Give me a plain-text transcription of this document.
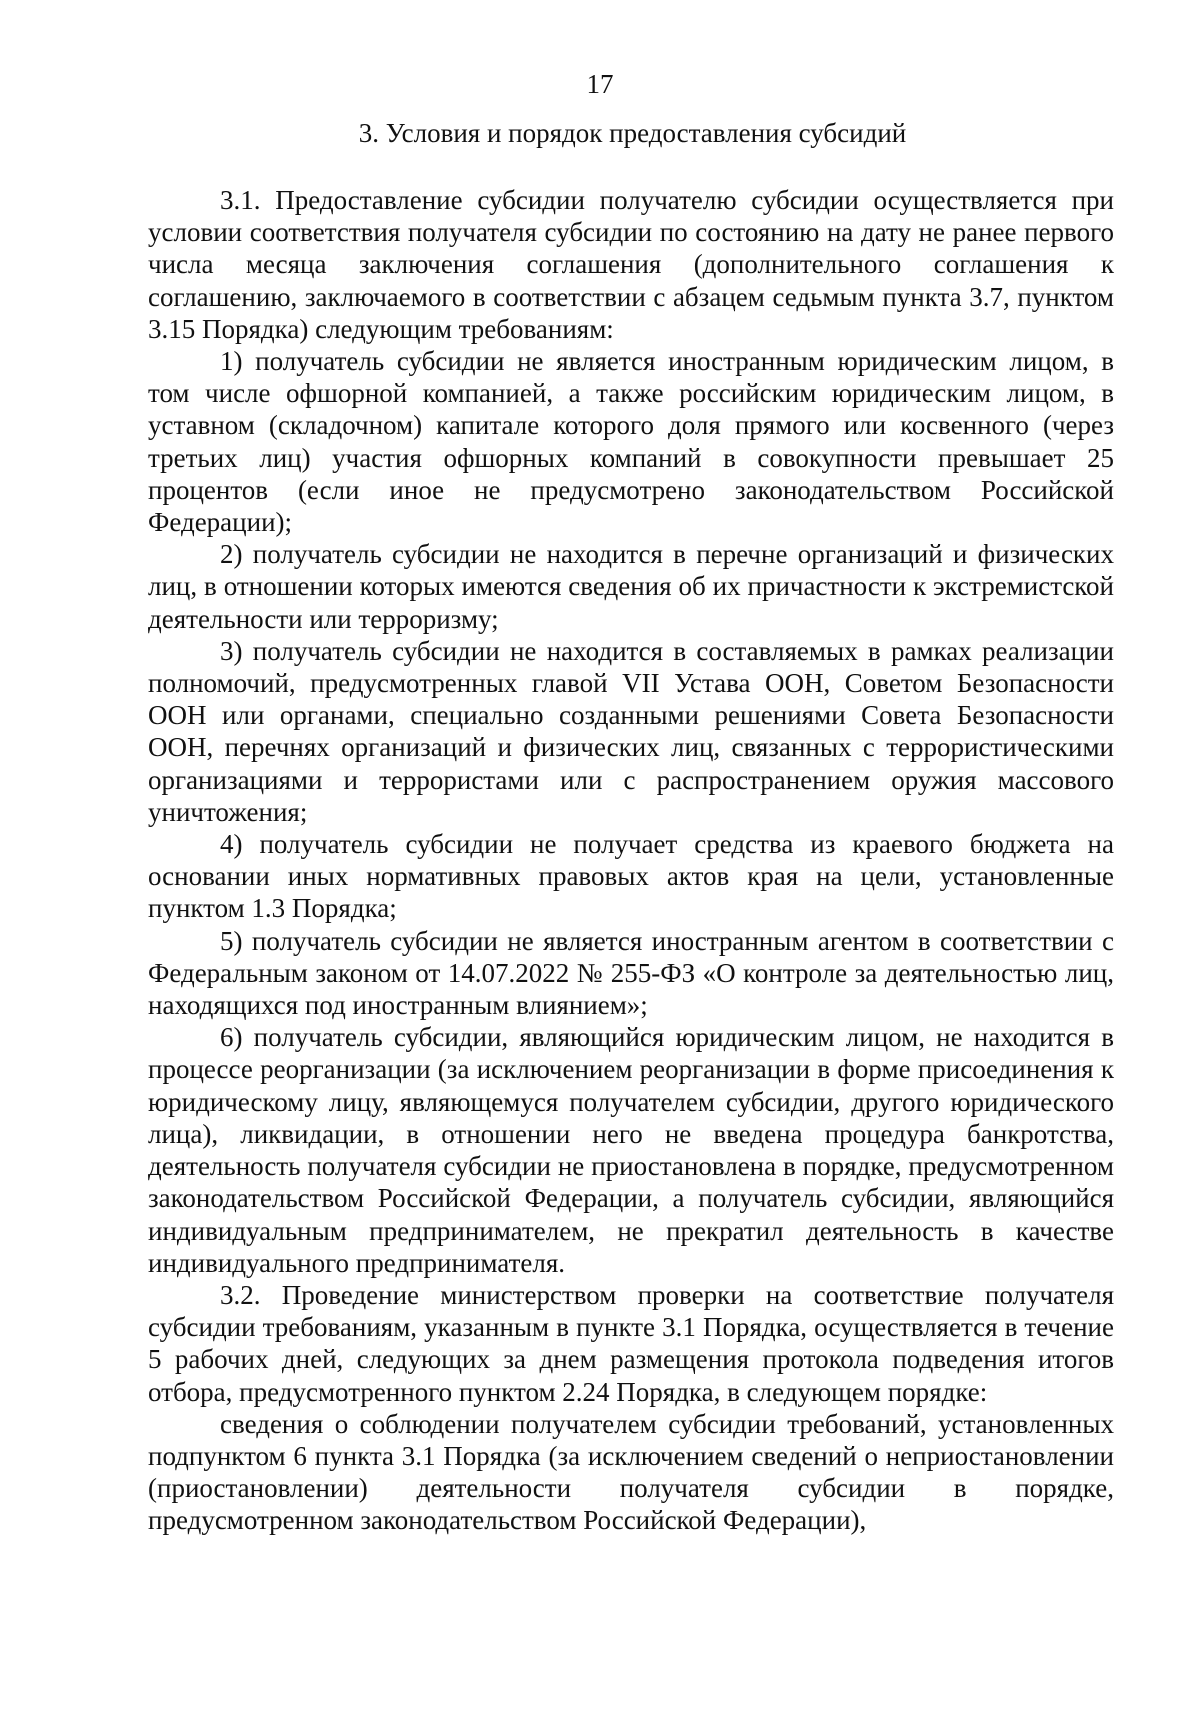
17
3. Условия и порядок предоставления субсидий

3.1. Предоставление субсидии получателю субсидии осуществляется при условии соответствия получателя субсидии по состоянию на дату не ранее первого числа месяца заключения соглашения (дополнительного соглашения к соглашению, заключаемого в соответствии с абзацем седьмым пункта 3.7, пунктом 3.15 Порядка) следующим требованиям:

1) получатель субсидии не является иностранным юридическим лицом, в том числе офшорной компанией, а также российским юридическим лицом, в уставном (складочном) капитале которого доля прямого или косвенного (через третьих лиц) участия офшорных компаний в совокупности превышает 25 процентов (если иное не предусмотрено законодательством Российской Федерации);

2) получатель субсидии не находится в перечне организаций и физических лиц, в отношении которых имеются сведения об их причастности к экстремистской деятельности или терроризму;

3) получатель субсидии не находится в составляемых в рамках реализации полномочий, предусмотренных главой VII Устава ООН, Советом Безопасности ООН или органами, специально созданными решениями Совета Безопасности ООН, перечнях организаций и физических лиц, связанных с террористическими организациями и террористами или с распространением оружия массового уничтожения;

4) получатель субсидии не получает средства из краевого бюджета на основании иных нормативных правовых актов края на цели, установленные пунктом 1.3 Порядка;

5) получатель субсидии не является иностранным агентом в соответствии с Федеральным законом от 14.07.2022 № 255-ФЗ «О контроле за деятельностью лиц, находящихся под иностранным влиянием»;

6) получатель субсидии, являющийся юридическим лицом, не находится в процессе реорганизации (за исключением реорганизации в форме присоединения к юридическому лицу, являющемуся получателем субсидии, другого юридического лица), ликвидации, в отношении него не введена процедура банкротства, деятельность получателя субсидии не приостановлена в порядке, предусмотренном законодательством Российской Федерации, а получатель субсидии, являющийся индивидуальным предпринимателем, не прекратил деятельность в качестве индивидуального предпринимателя.

3.2. Проведение министерством проверки на соответствие получателя субсидии требованиям, указанным в пункте 3.1 Порядка, осуществляется в течение 5 рабочих дней, следующих за днем размещения протокола подведения итогов отбора, предусмотренного пунктом 2.24 Порядка, в следующем порядке:

сведения о соблюдении получателем субсидии требований, установленных подпунктом 6 пункта 3.1 Порядка (за исключением сведений о неприостановлении (приостановлении) деятельности получателя субсидии в порядке, предусмотренном законодательством Российской Федерации),
